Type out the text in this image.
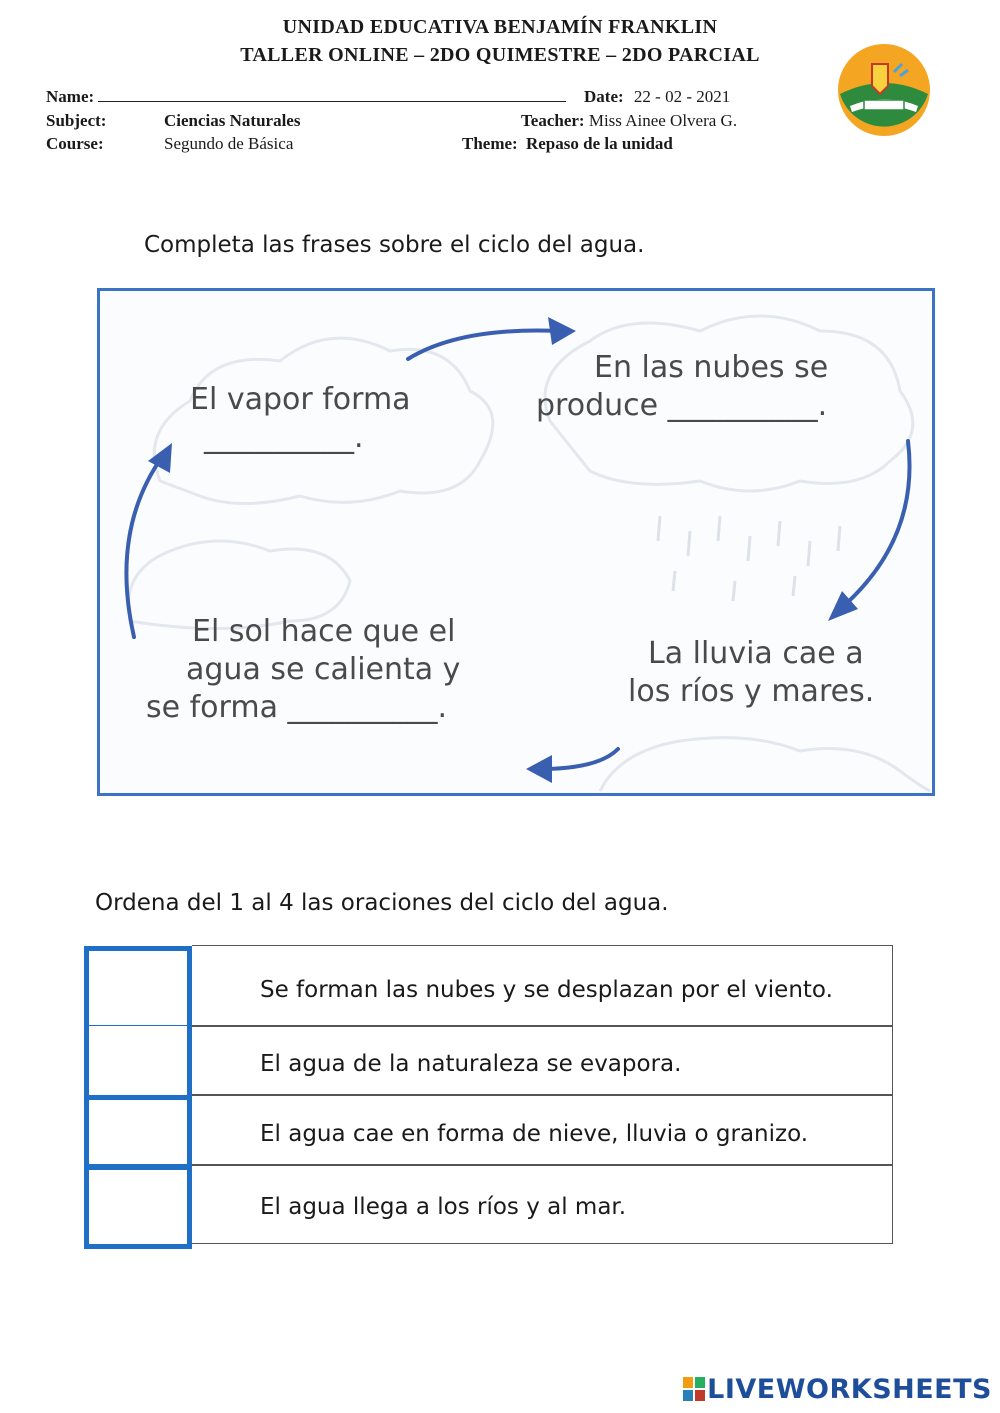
UNIDAD EDUCATIVA BENJAMÍN FRANKLIN
TALLER ONLINE – 2DO QUIMESTRE – 2DO PARCIAL
Name:	Date: 22 - 02 - 2021
Subject:	Ciencias Naturales	Teacher: Miss Ainee Olvera G.
Course:	Segundo de Básica	Theme: Repaso de la unidad
Completa las frases sobre el ciclo del agua.
El vapor forma
__________.
En las nubes se
produce __________.
La lluvia cae a
los ríos y mares.
El sol hace que el
agua se calienta y
se forma __________.
Ordena del 1 al 4 las oraciones del ciclo del agua.
Se forman las nubes y se desplazan por el viento.
El agua de la naturaleza se evapora.
El agua cae en forma de nieve, lluvia o granizo.
El agua llega a los ríos y al mar.
LIVEWORKSHEETS
